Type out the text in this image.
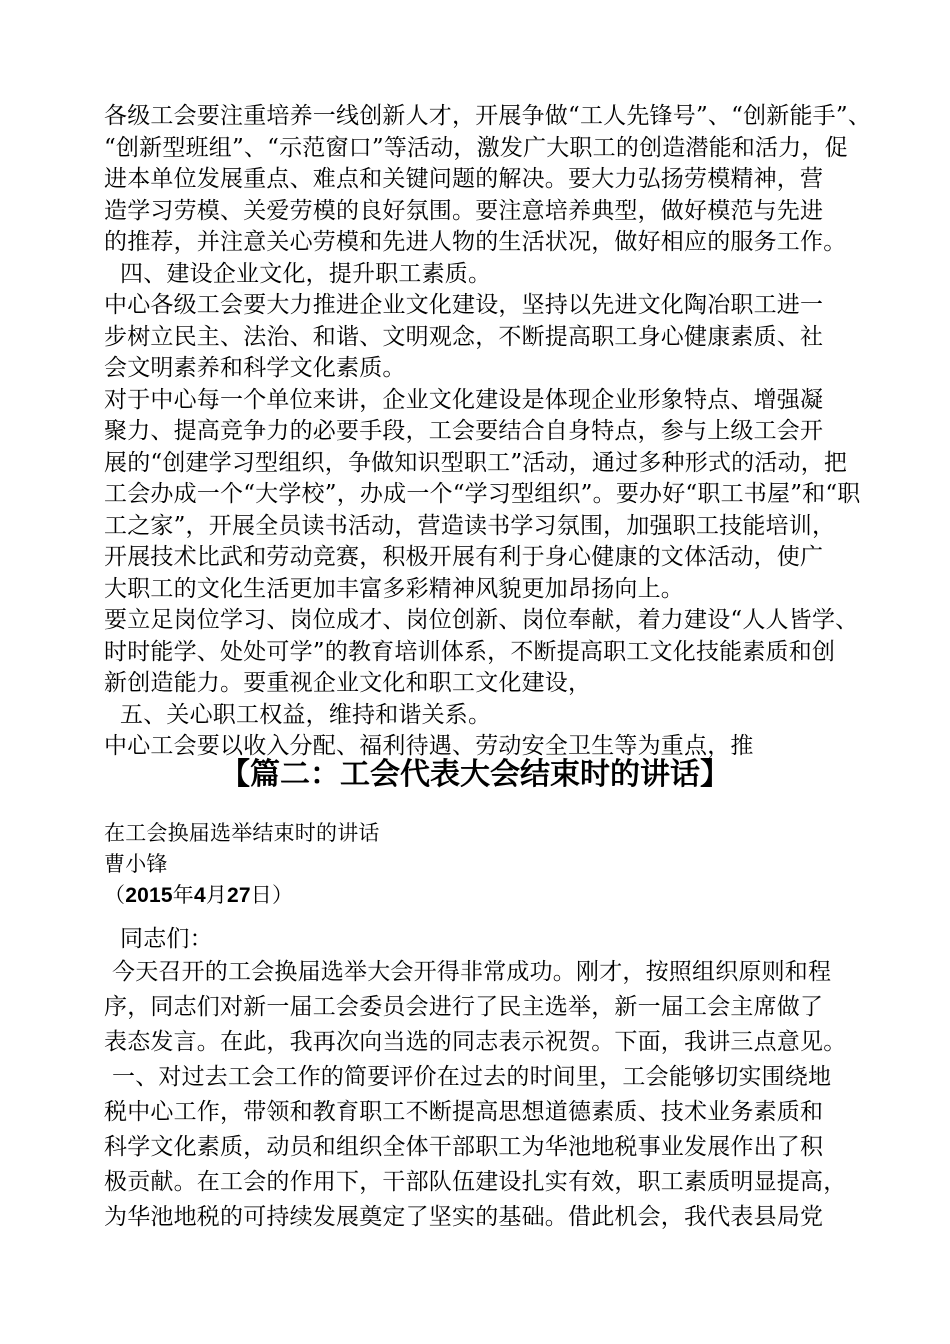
各级工会要注重培养一线创新人才，开展争做“工人先锋号”、“创新能手”、
“创新型班组”、“示范窗口”等活动，激发广大职工的创造潜能和活力，促
进本单位发展重点、难点和关键问题的解决。要大力弘扬劳模精神，营
造学习劳模、关爱劳模的良好氛围。要注意培养典型，做好模范与先进
的推荐，并注意关心劳模和先进人物的生活状况，做好相应的服务工作。
四、建设企业文化，提升职工素质。
中心各级工会要大力推进企业文化建设，坚持以先进文化陶冶职工进一
步树立民主、法治、和谐、文明观念，不断提高职工身心健康素质、社
会文明素养和科学文化素质。
对于中心每一个单位来讲，企业文化建设是体现企业形象特点、增强凝
聚力、提高竞争力的必要手段，工会要结合自身特点，参与上级工会开
展的“创建学习型组织，争做知识型职工”活动，通过多种形式的活动，把
工会办成一个“大学校”，办成一个“学习型组织”。要办好“职工书屋”和“职
工之家”，开展全员读书活动，营造读书学习氛围，加强职工技能培训，
开展技术比武和劳动竞赛，积极开展有利于身心健康的文体活动，使广
大职工的文化生活更加丰富多彩精神风貌更加昂扬向上。
要立足岗位学习、岗位成才、岗位创新、岗位奉献，着力建设“人人皆学、
时时能学、处处可学”的教育培训体系，不断提高职工文化技能素质和创
【篇二：工会代表大会结束时的讲话】
在工会换届选举结束时的讲话
曹小锋
（2015年4月27日）
同志们：
今天召开的工会换届选举大会开得非常成功。刚才，按照组织原则和程
序，同志们对新一届工会委员会进行了民主选举，新一届工会主席做了
表态发言。在此，我再次向当选的同志表示祝贺。下面，我讲三点意见。
一、对过去工会工作的简要评价在过去的时间里，工会能够切实围绕地
税中心工作，带领和教育职工不断提高思想道德素质、技术业务素质和
科学文化素质，动员和组织全体干部职工为华池地税事业发展作出了积
极贡献。在工会的作用下，干部队伍建设扎实有效，职工素质明显提高，
为华池地税的可持续发展奠定了坚实的基础。借此机会，我代表县局党
新创造能力。要重视企业文化和职工文化建设，
五、关心职工权益，维持和谐关系。
中心工会要以收入分配、福利待遇、劳动安全卫生等为重点，推
